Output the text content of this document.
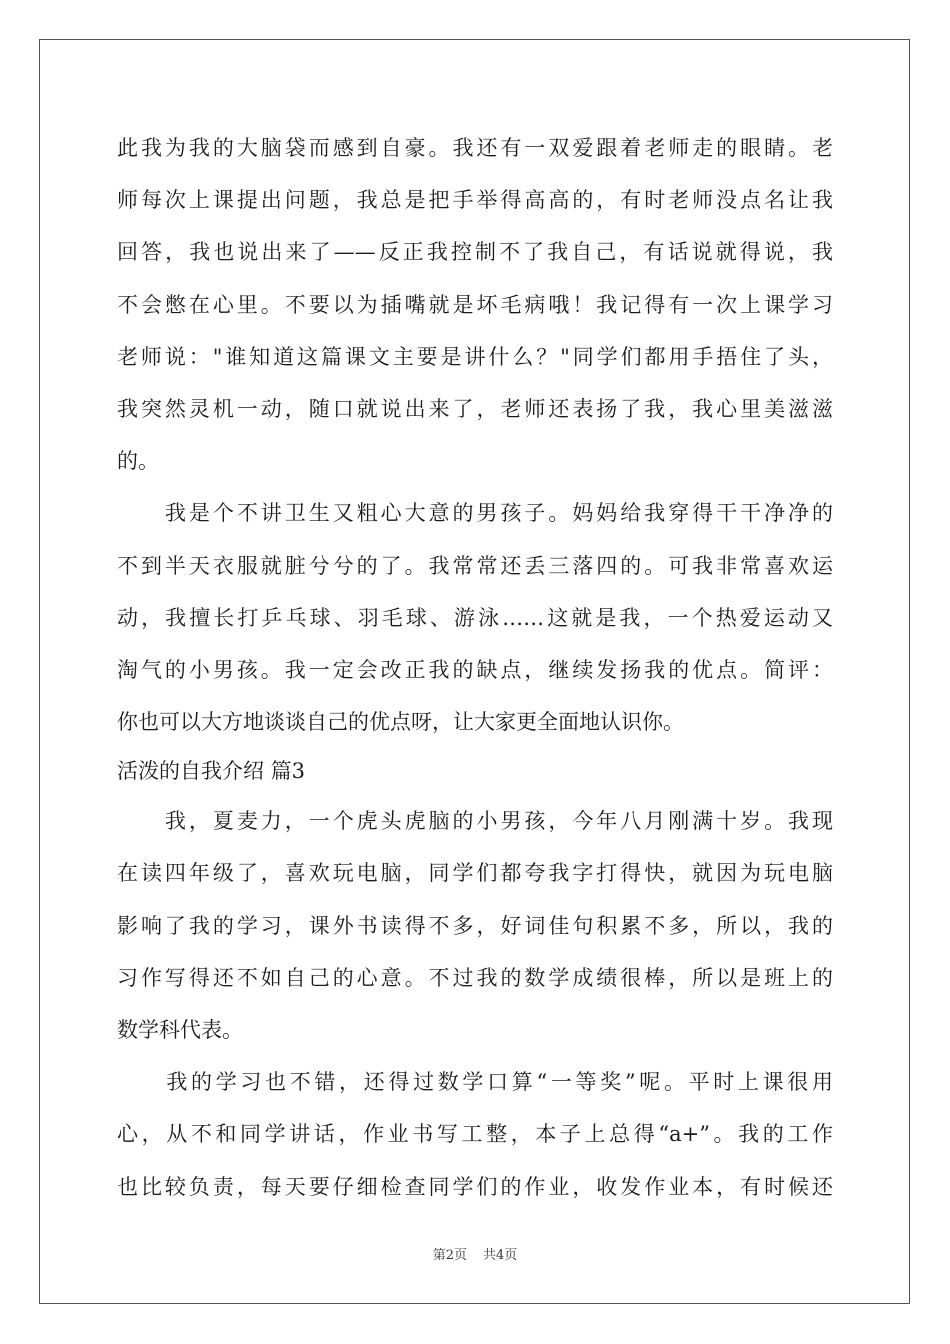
此我为我的大脑袋而感到自豪。我还有一双爱跟着老师走的眼睛。老
师每次上课提出问题，我总是把手举得高高的，有时老师没点名让我
回答，我也说出来了——反正我控制不了我自己，有话说就得说，我
不会憋在心里。不要以为插嘴就是坏毛病哦！我记得有一次上课学习
老师说："谁知道这篇课文主要是讲什么？"同学们都用手捂住了头，
我突然灵机一动，随口就说出来了，老师还表扬了我，我心里美滋滋
的。
　　我是个不讲卫生又粗心大意的男孩子。妈妈给我穿得干干净净的
不到半天衣服就脏兮兮的了。我常常还丢三落四的。可我非常喜欢运
动，我擅长打乒乓球、羽毛球、游泳……这就是我，一个热爱运动又
淘气的小男孩。我一定会改正我的缺点，继续发扬我的优点。简评：
你也可以大方地谈谈自己的优点呀，让大家更全面地认识你。
活泼的自我介绍 篇3
　　我，夏麦力，一个虎头虎脑的小男孩，今年八月刚满十岁。我现
在读四年级了，喜欢玩电脑，同学们都夸我字打得快，就因为玩电脑
影响了我的学习，课外书读得不多，好词佳句积累不多，所以，我的
习作写得还不如自己的心意。不过我的数学成绩很棒，所以是班上的
数学科代表。
　　我的学习也不错，还得过数学口算“一等奖”呢。平时上课很用
心，从不和同学讲话，作业书写工整，本子上总得“a+”。我的工作
也比较负责，每天要仔细检查同学们的作业，收发作业本，有时候还
第2页 共4页
